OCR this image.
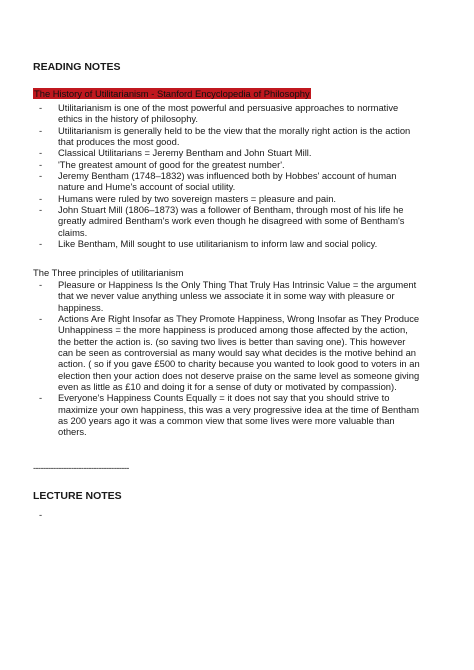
READING NOTES
The History of Utilitarianism - Stanford Encyclopedia of Philosophy
- Utilitarianism is one of the most powerful and persuasive approaches to normative ethics in the history of philosophy.
- Utilitarianism is generally held to be the view that the morally right action is the action that produces the most good.
- Classical Utilitarians = Jeremy Bentham and John Stuart Mill.
- 'The greatest amount of good for the greatest number'.
- Jeremy Bentham (1748–1832) was influenced both by Hobbes' account of human nature and Hume's account of social utility.
- Humans were ruled by two sovereign masters = pleasure and pain.
- John Stuart Mill (1806–1873) was a follower of Bentham, through most of his life he greatly admired Bentham's work even though he disagreed with some of Bentham's claims.
- Like Bentham, Mill sought to use utilitarianism to inform law and social policy.

The Three principles of utilitarianism

- Pleasure or Happiness Is the Only Thing That Truly Has Intrinsic Value = the argument that we never value anything unless we associate it in some way with pleasure or happiness.
- Actions Are Right Insofar as They Promote Happiness, Wrong Insofar as They Produce Unhappiness = the more happiness is produced among those affected by the action, the better the action is. (so saving two lives is better than saving one). This however can be seen as controversial as many would say what decides is the motive behind an action. ( so if you gave £500 to charity because you wanted to look good to voters in an election then your action does not deserve praise on the same level as someone giving even as little as £10 and doing it for a sense of duty or motivated by compassion).
- Everyone's Happiness Counts Equally = it does not say that you should strive to maximize your own happiness, this was a very progressive idea at the time of Bentham as 200 years ago it was a common view that some lives were more valuable than others.
--------------------------------------
LECTURE NOTES
-
